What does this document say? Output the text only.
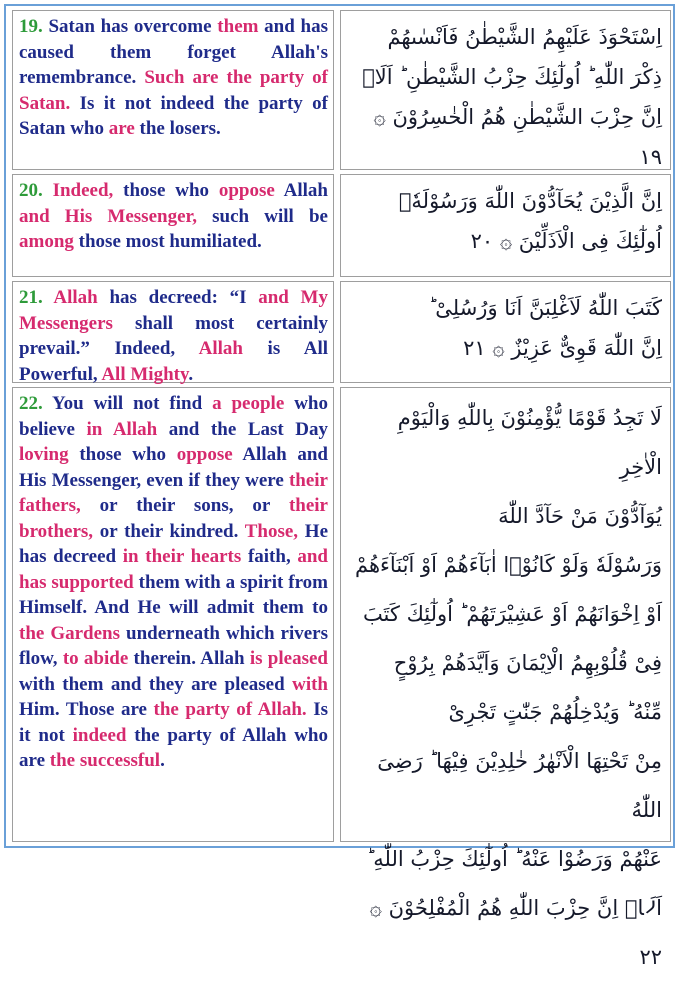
19. Satan has overcome them and has caused them forget Allah's remembrance. Such are the party of Satan. Is it not indeed the party of Satan who are the losers.

اِسْتَحْوَذَ عَلَيْهِمُ الشَّيْطٰنُ فَاَنْسٰىهُمْ
ذِكْرَ اللّٰهِ ؕ اُولٰٓئِكَ حِزْبُ الشَّيْطٰنِ ؕ اَلَاۤ
اِنَّ حِزْبَ الشَّيْطٰنِ هُمُ الْخٰسِرُوْنَ ۞ ١٩

20. Indeed, those who oppose Allah and His Messenger, such will be among those most humiliated.

اِنَّ الَّذِيْنَ يُحَآدُّوْنَ اللّٰهَ وَرَسُوْلَهٗۤ
اُولٰٓئِكَ فِى الْاَذَلِّيْنَ ۞ ٢٠

21. Allah has decreed: “I and My Messengers shall most certainly prevail.” Indeed, Allah is All Powerful, All Mighty.

كَتَبَ اللّٰهُ لَاَغْلِبَنَّ اَنَا وَرُسُلِىْ ؕ
اِنَّ اللّٰهَ قَوِىٌّ عَزِيْزٌ ۞ ٢١

22. You will not find a people who believe in Allah and the Last Day loving those who oppose Allah and His Messenger, even if they were their fathers, or their sons, or their brothers, or their kindred. Those, He has decreed in their hearts faith, and has supported them with a spirit from Himself. And He will admit them to the Gardens underneath which rivers flow, to abide therein. Allah is pleased with them and they are pleased with Him. Those are the party of Allah. Is it not indeed the party of Allah who are the successful.

لَا تَجِدُ قَوْمًا يُّؤْمِنُوْنَ بِاللّٰهِ وَالْيَوْمِ الْاٰخِرِ
يُوَآدُّوْنَ مَنْ حَآدَّ اللّٰهَ
وَرَسُوْلَهٗ وَلَوْ كَانُوْۤا اٰبَآءَهُمْ اَوْ اَبْنَآءَهُمْ
اَوْ اِخْوَانَهُمْ اَوْ عَشِيْرَتَهُمْ ؕ اُولٰٓئِكَ كَتَبَ
فِىْ قُلُوْبِهِمُ الْاِيْمَانَ وَاَيَّدَهُمْ بِرُوْحٍ
مِّنْهُ ؕ وَيُدْخِلُهُمْ جَنّٰتٍ تَجْرِىْ
مِنْ تَحْتِهَا الْاَنْهٰرُ خٰلِدِيْنَ فِيْهَا ؕ رَضِىَ اللّٰهُ
عَنْهُمْ وَرَضُوْا عَنْهُ ؕ اُولٰٓئِكَ حِزْبُ اللّٰهِ ؕ
اَلَاۤ اِنَّ حِزْبَ اللّٰهِ هُمُ الْمُفْلِحُوْنَ ۞ ٢٢
